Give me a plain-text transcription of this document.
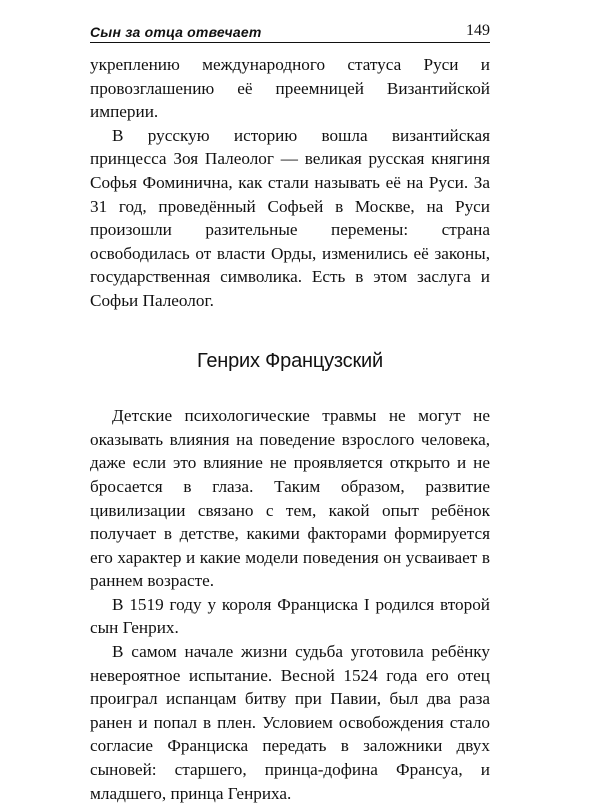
Сын за отца отвечает	149

укреплению международного статуса Руси и провозглашению её преемницей Византийской империи.

В русскую историю вошла византийская принцесса Зоя Палеолог — великая русская княгиня Софья Фоминична, как стали называть её на Руси. За 31 год, проведённый Софьей в Москве, на Руси произошли разительные перемены: страна освободилась от власти Орды, изменились её законы, государственная символика. Есть в этом заслуга и Софьи Палеолог.

Генрих Французский

Детские психологические травмы не могут не оказывать влияния на поведение взрослого человека, даже если это влияние не проявляется открыто и не бросается в глаза. Таким образом, развитие цивилизации связано с тем, какой опыт ребёнок получает в детстве, какими факторами формируется его характер и какие модели поведения он усваивает в раннем возрасте.

В 1519 году у короля Франциска I родился второй сын Генрих.

В самом начале жизни судьба уготовила ребёнку невероятное испытание. Весной 1524 года его отец проиграл испанцам битву при Павии, был два раза ранен и попал в плен. Условием освобождения стало согласие Франциска передать в заложники двух сыновей: старшего, принца-дофина Франсуа, и младшего, принца Генриха.
